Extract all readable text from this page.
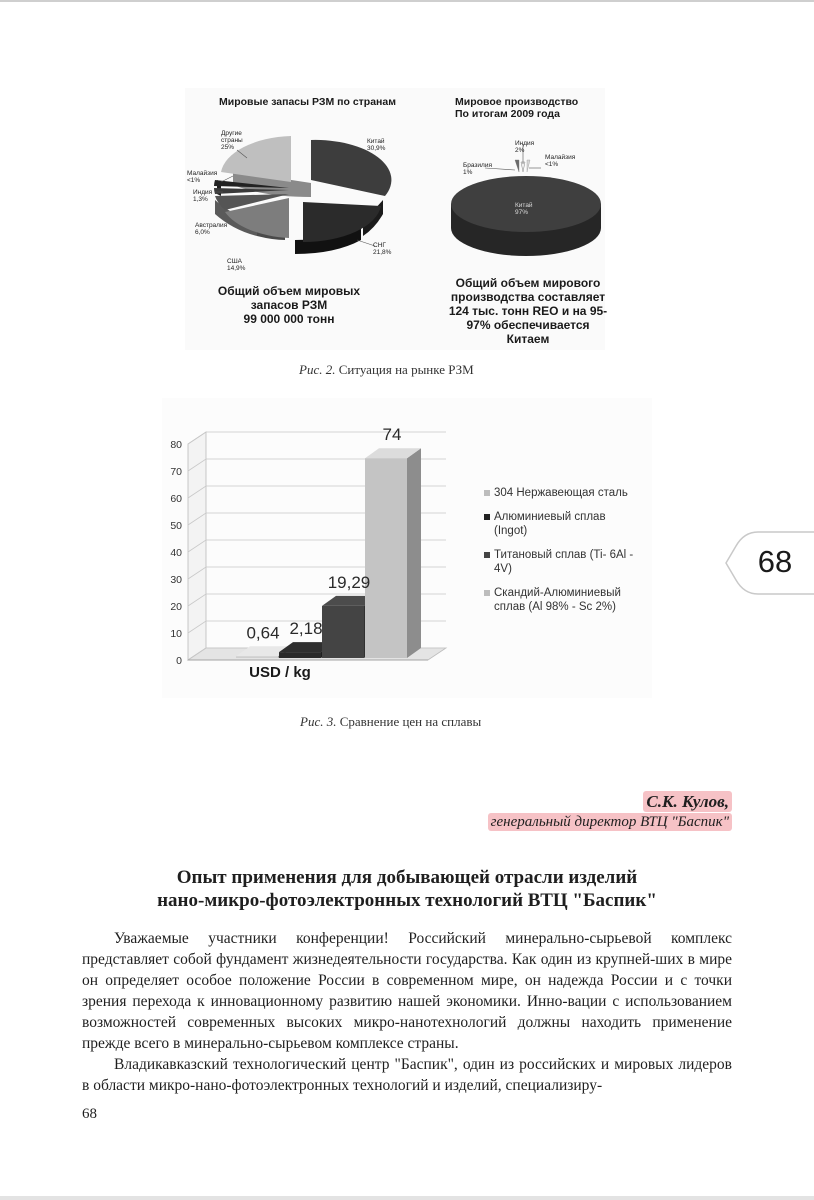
Мировые запасы РЗМ по странам
Другие
страны
25%
Китай
30,9%
Малайзия
<1%
Индия
1,3%
Австралия
6,0%
США
14,9%
СНГ
21,8%
Мировое производство
По итогам 2009 года
Индия
2%
Малайзия
<1%
Бразилия
1%
Китай
97%
Общий объем мировых
запасов РЗМ
99 000 000 тонн
Общий объем мирового
производства составляет
124 тыс. тонн REO и на 95-
97% обеспечивается
Китаем
Рис. 2. Ситуация на рынке РЗМ
0
10
20
30
40
50
60
70
80
0,64 2,18
19,29
74
USD / kg
304 Нержавеющая сталь
Алюминиевый сплав
(Ingot)
Титановый сплав (Ti- 6Al -
4V)
Скандий-Алюминиевый
сплав (Al 98% - Sc 2%)
Рис. 3. Сравнение цен на сплавы
68
С.К. Кулов,
генеральный директор ВТЦ "Баспик"
Опыт применения для добывающей отрасли изделий
нано-микро-фотоэлектронных технологий ВТЦ "Баспик"

Уважаемые участники конференции! Российский минерально-сырьевой комплекс представляет собой фундамент жизнедеятельности государства. Как один из крупней-ших в мире он определяет особое положение России в современном мире, он надежда России и с точки зрения перехода к инновационному развитию нашей экономики. Инно-вации с использованием возможностей современных высоких микро-нанотехнологий должны находить применение прежде всего в минерально-сырьевом комплексе страны.

Владикавказский технологический центр "Баспик", один из российских и мировых лидеров в области микро-нано-фотоэлектронных технологий и изделий, специализиру-

68
